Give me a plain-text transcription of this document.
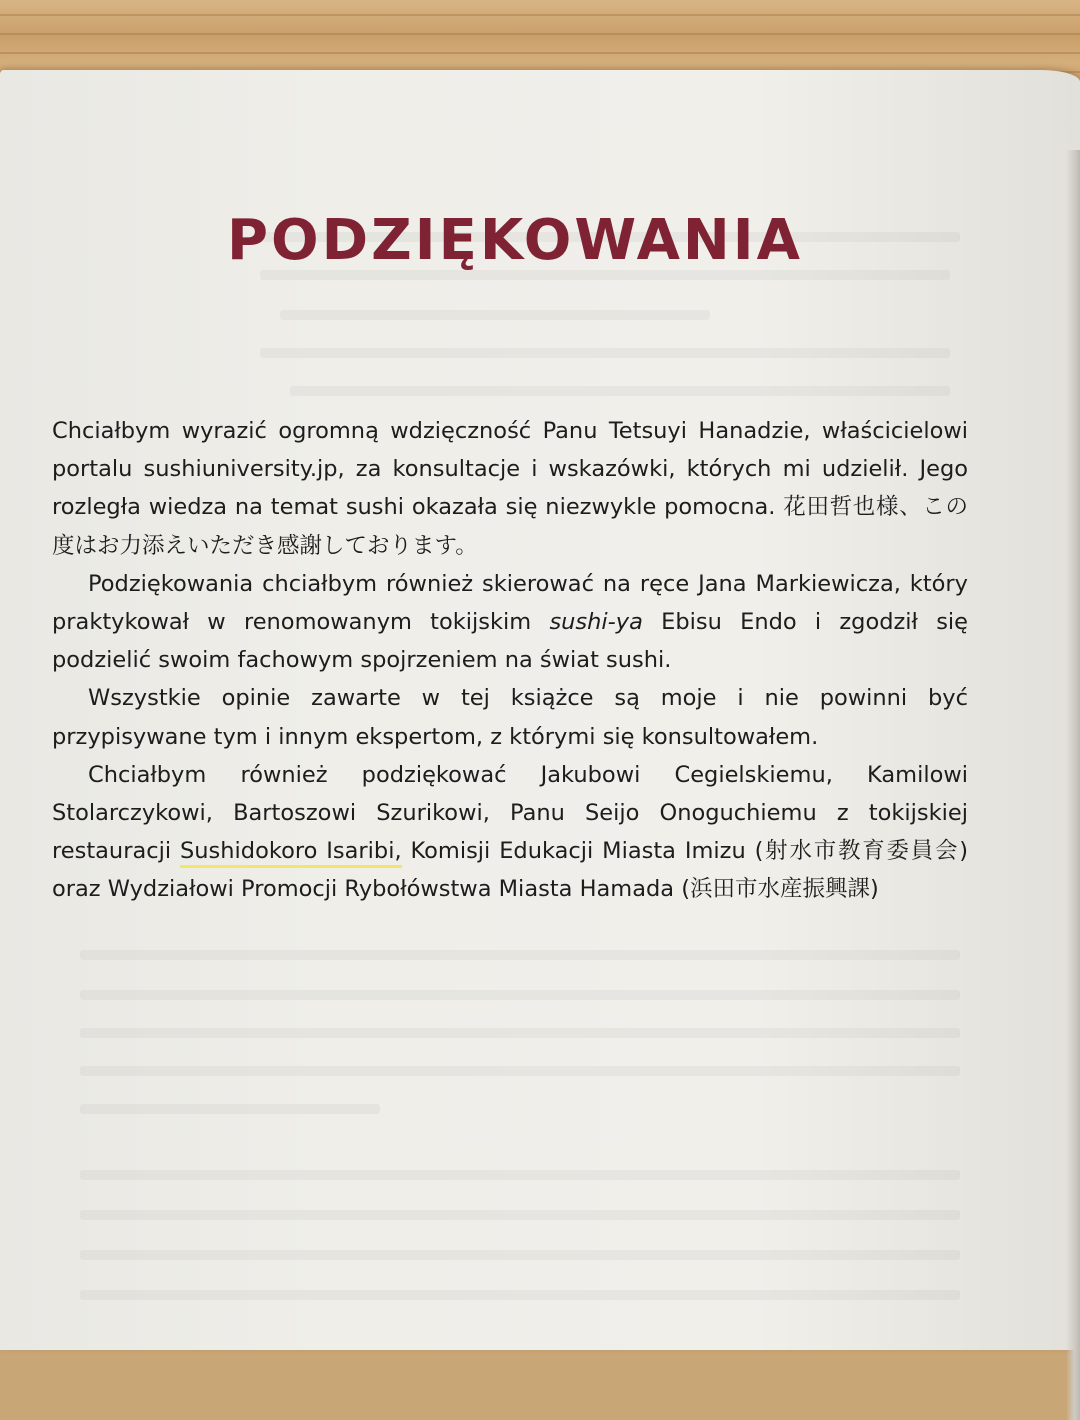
PODZIĘKOWANIA

Chciałbym wyrazić ogromną wdzięczność Panu Tetsuyi Hanadzie, właścicielowi portalu sushiuniversity.jp, za konsultacje i wskazówki, których mi udzielił. Jego rozległa wiedza na temat sushi okazała się niezwykle pomocna. 花田哲也様、この度はお力添えいただき感謝しております。

Podziękowania chciałbym również skierować na ręce Jana Markiewicza, który praktykował w renomowanym tokijskim sushi-ya Ebisu Endo i zgodził się podzielić swoim fachowym spojrzeniem na świat sushi.

Wszystkie opinie zawarte w tej książce są moje i nie powinni być przypisywane tym i innym ekspertom, z którymi się konsultowałem.

Chciałbym również podziękować Jakubowi Cegielskiemu, Kamilowi Stolarczykowi, Bartoszowi Szurikowi, Panu Seijo Onoguchiemu z tokijskiej restauracji Sushidokoro Isaribi, Komisji Edukacji Miasta Imizu (射水市教育委員会) oraz Wydziałowi Promocji Rybołówstwa Miasta Hamada (浜田市水産振興課)
